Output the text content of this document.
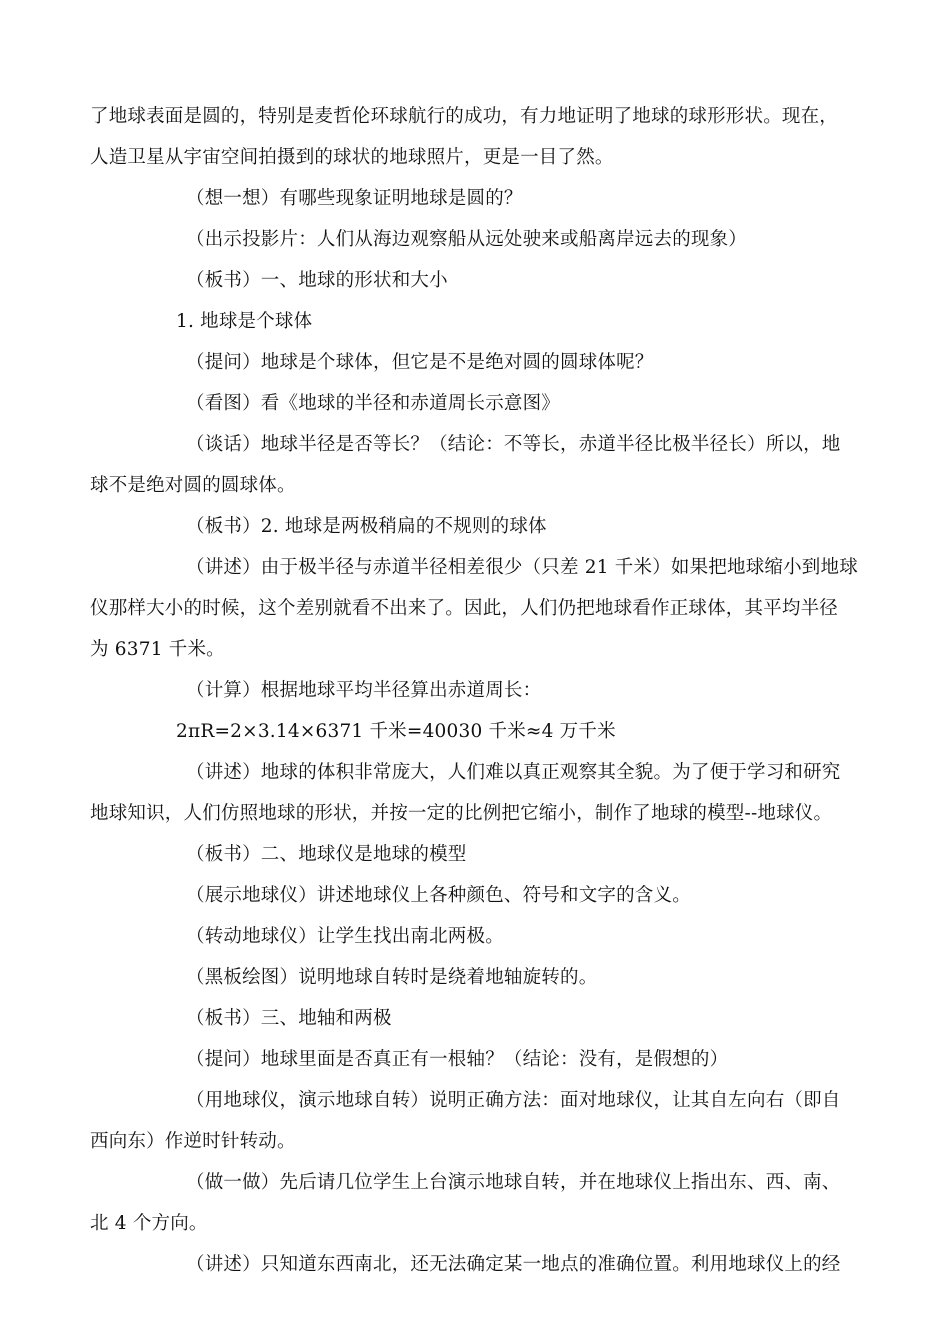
了地球表面是圆的，特别是麦哲伦环球航行的成功，有力地证明了地球的球形形状。现在，

人造卫星从宇宙空间拍摄到的球状的地球照片，更是一目了然。

（想一想）有哪些现象证明地球是圆的？

（出示投影片：人们从海边观察船从远处驶来或船离岸远去的现象）

（板书）一、地球的形状和大小

1. 地球是个球体

（提问）地球是个球体，但它是不是绝对圆的圆球体呢？

（看图）看《地球的半径和赤道周长示意图》

（谈话）地球半径是否等长？（结论：不等长，赤道半径比极半径长）所以，地

球不是绝对圆的圆球体。

（板书）2. 地球是两极稍扁的不规则的球体

（讲述）由于极半径与赤道半径相差很少（只差 21 千米）如果把地球缩小到地球

仪那样大小的时候，这个差别就看不出来了。因此，人们仍把地球看作正球体，其平均半径

为 6371 千米。

（计算）根据地球平均半径算出赤道周长：

2πR=2×3.14×6371 千米=40030 千米≈4 万千米

（讲述）地球的体积非常庞大，人们难以真正观察其全貌。为了便于学习和研究

地球知识，人们仿照地球的形状，并按一定的比例把它缩小，制作了地球的模型--地球仪。

（板书）二、地球仪是地球的模型

（展示地球仪）讲述地球仪上各种颜色、符号和文字的含义。

（转动地球仪）让学生找出南北两极。

（黑板绘图）说明地球自转时是绕着地轴旋转的。

（板书）三、地轴和两极

（提问）地球里面是否真正有一根轴？（结论：没有，是假想的）

（用地球仪，演示地球自转）说明正确方法：面对地球仪，让其自左向右（即自

西向东）作逆时针转动。

（做一做）先后请几位学生上台演示地球自转，并在地球仪上指出东、西、南、

北 4 个方向。

（讲述）只知道东西南北，还无法确定某一地点的准确位置。利用地球仪上的经
